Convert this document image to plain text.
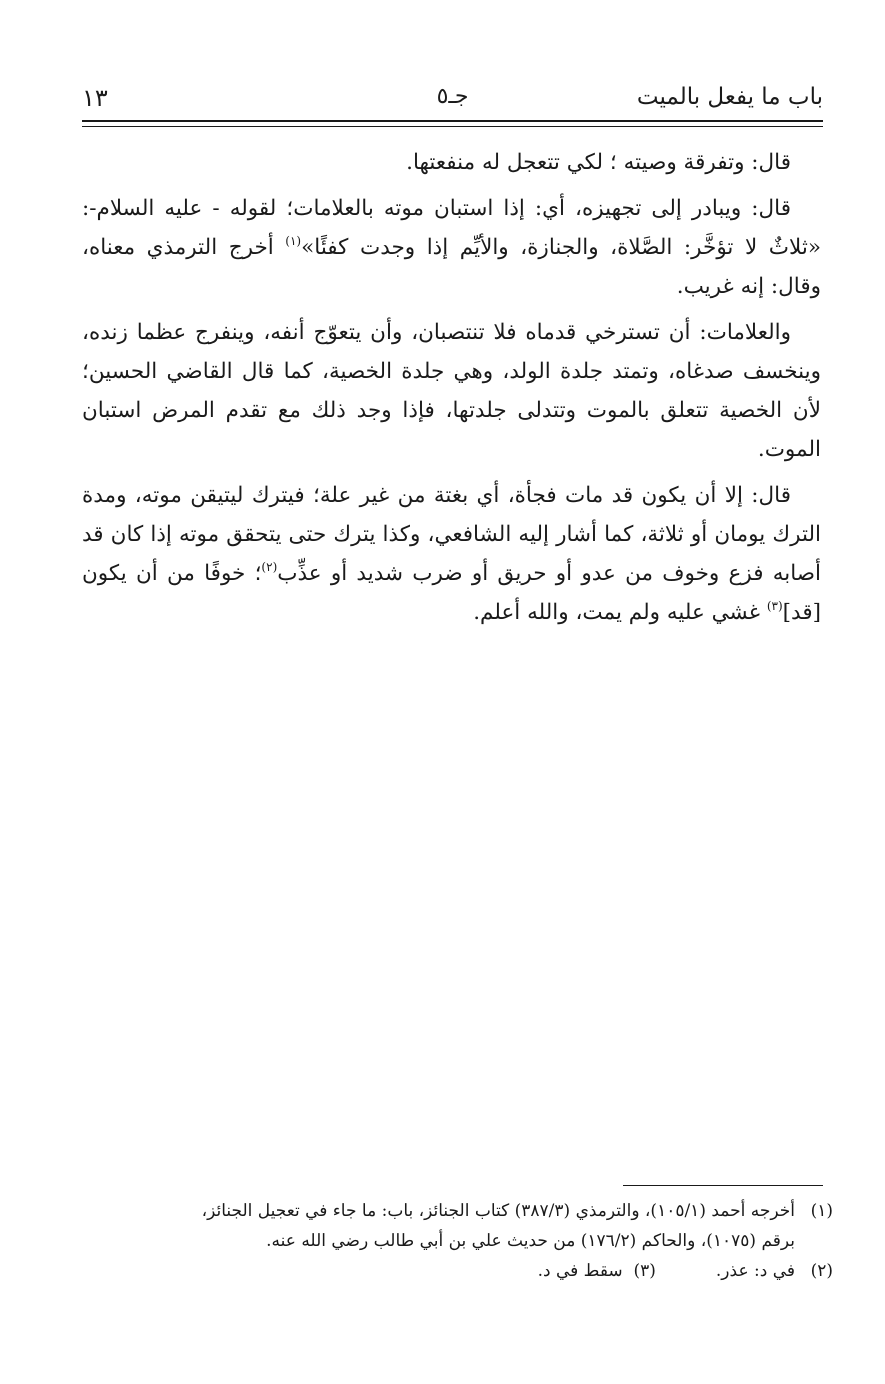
باب ما يفعل بالميت
جـ٥
١٣

قال: وتفرقة وصيته ؛ لكي تتعجل له منفعتها.

قال: ويبادر إلى تجهيزه، أي: إذا استبان موته بالعلامات؛ لقوله - عليه السلام-: «ثلاثٌ لا تؤخَّر: الصَّلاة، والجنازة، والأيِّم إذا وجدت كفئًا»$^{(١)}$ أخرج الترمذي معناه، وقال: إنه غريب.

والعلامات: أن تسترخي قدماه فلا تنتصبان، وأن يتعوّج أنفه، وينفرج عظما زنده، وينخسف صدغاه، وتمتد جلدة الولد، وهي جلدة الخصية، كما قال القاضي الحسين؛ لأن الخصية تتعلق بالموت وتتدلى جلدتها، فإذا وجد ذلك مع تقدم المرض استبان الموت.

قال: إلا أن يكون قد مات فجأة، أي بغتة من غير علة؛ فيترك ليتيقن موته، ومدة الترك يومان أو ثلاثة، كما أشار إليه الشافعي، وكذا يترك حتى يتحقق موته إذا كان قد أصابه فزع وخوف من عدو أو حريق أو ضرب شديد أو عذِّب$^{(٢)}$؛ خوفًا من أن يكون [قد]$^{(٣)}$ غشي عليه ولم يمت، والله أعلم.

(١)أخرجه أحمد (١٠٥/١)، والترمذي (٣٨٧/٣) كتاب الجنائز، باب: ما جاء في تعجيل الجنائز،
برقم (١٠٧٥)، والحاكم (١٧٦/٢) من حديث علي بن أبي طالب رضي الله عنه.
(٢)في د: عذر.(٣)  سقط في د.
